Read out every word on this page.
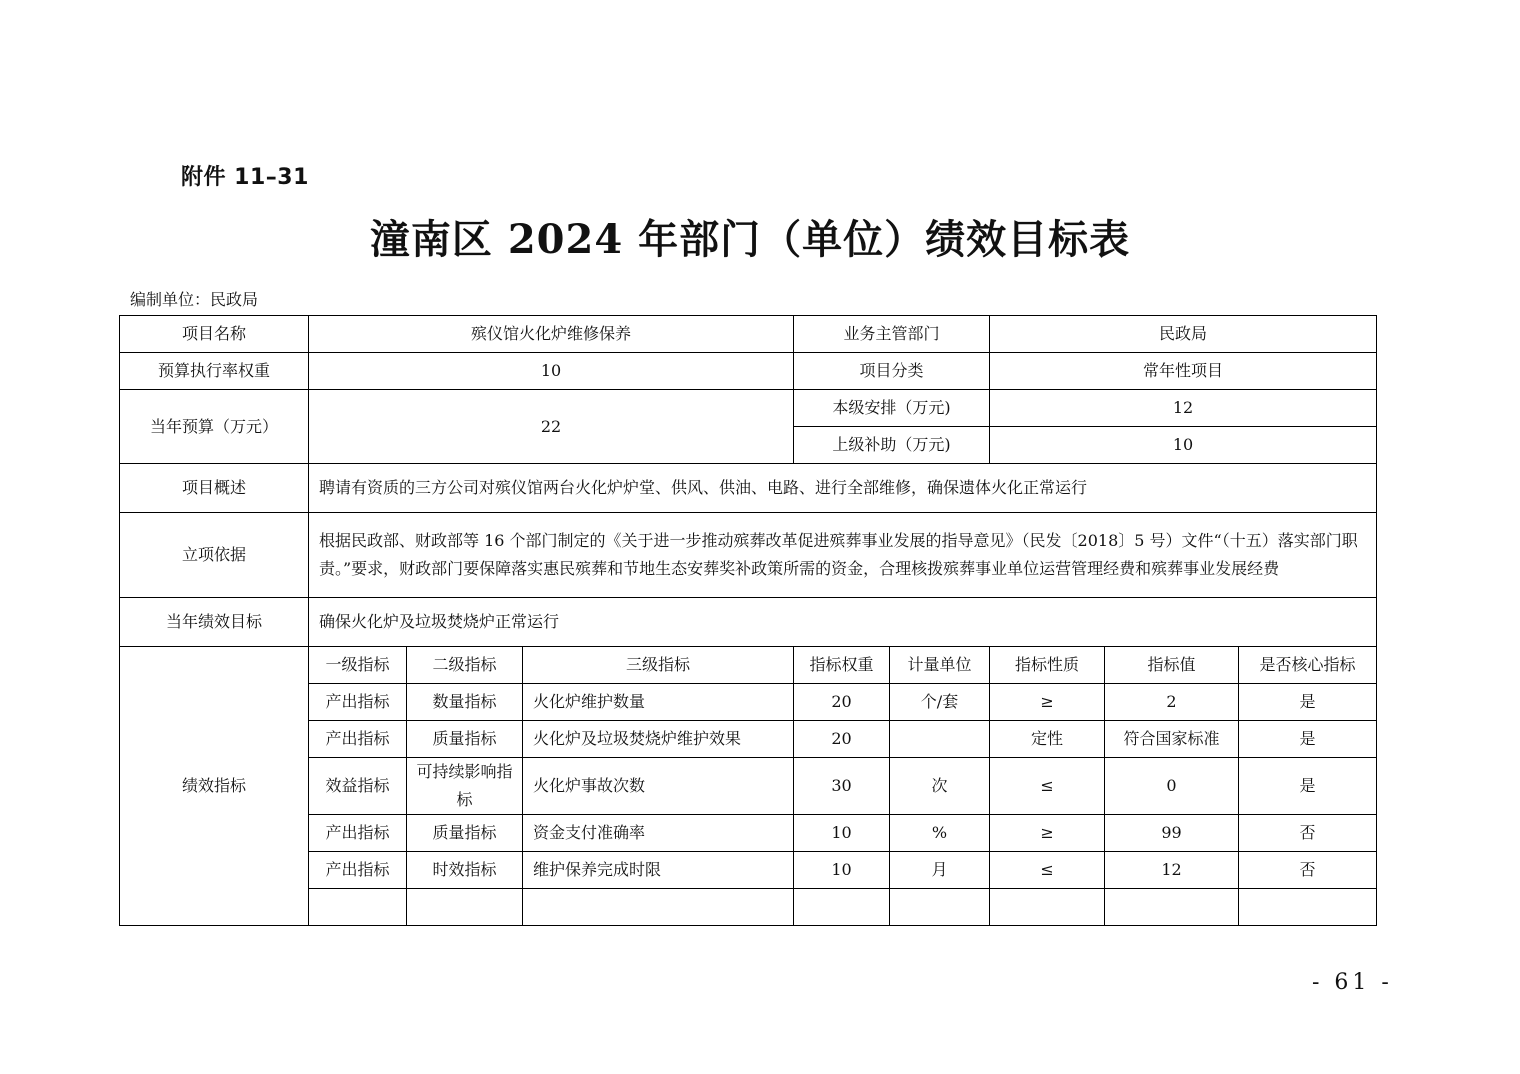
附件 11–31
潼南区 2024 年部门（单位）绩效目标表
编制单位：民政局
项目名称	殡仪馆火化炉维修保养			业务主管部门		民政局		
预算执行率权重	10			项目分类		常年性项目		
当年预算（万元）	22			本级安排（万元)		12		
				上级补助（万元)		10		
项目概述	聘请有资质的三方公司对殡仪馆两台火化炉炉堂、供风、供油、电路、进行全部维修，确保遗体火化正常运行							
立项依据	根据民政部、财政部等 16 个部门制定的《关于进一步推动殡葬改革促进殡葬事业发展的指导意见》（民发〔2018〕5 号）文件“（十五）落实部门职责。”要求，财政部门要保障落实惠民殡葬和节地生态安葬奖补政策所需的资金，合理核拨殡葬事业单位运营管理经费和殡葬事业发展经费							
当年绩效目标	确保火化炉及垃圾焚烧炉正常运行							
绩效指标	一级指标	二级指标	三级指标	指标权重	计量单位	指标性质	指标值	是否核心指标
	产出指标	数量指标	火化炉维护数量	20	个/套	≥	2	是
	产出指标	质量指标	火化炉及垃圾焚烧炉维护效果	20		定性	符合国家标准	是
	效益指标	可持续影响指标	火化炉事故次数	30	次	≤	0	是
	产出指标	质量指标	资金支付准确率	10	%	≥	99	否
	产出指标	时效指标	维护保养完成时限	10	月	≤	12	否

- 61 -
